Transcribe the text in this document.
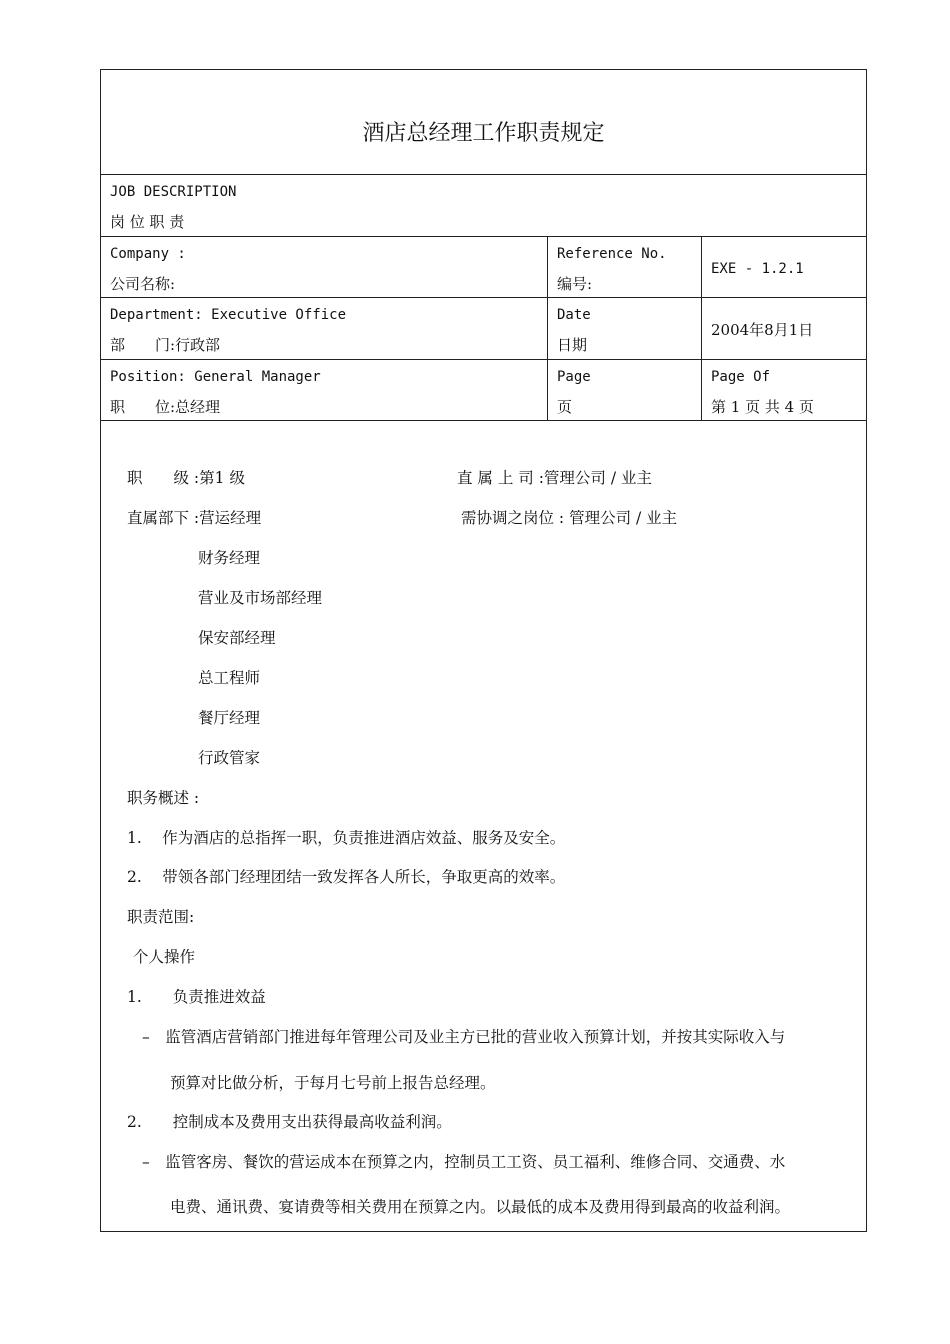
酒店总经理工作职责规定
JOB DESCRIPTION
岗 位 职 责
Company :
公司名称:
Reference No.
编号:
EXE - 1.2.1
Department: Executive Office
部　　门:行政部
Date
日期
2004年8月1日
Position: General Manager
职　　位:总经理
Page
页
Page Of
第 1 页 共 4 页
职　　级 :第1 级	直 属 上 司 :管理公司 / 业主
直属部下 :营运经理	需协调之岗位 : 管理公司 / 业主
财务经理
营业及市场部经理
保安部经理
总工程师
餐厅经理
行政管家
职务概述 :
1.　 作为酒店的总指挥一职，负责推进酒店效益、服务及安全。
2.　 带领各部门经理团结一致发挥各人所长，争取更高的效率。
职责范围:
个人操作
1.　　负责推进效益
–　监管酒店营销部门推进每年管理公司及业主方已批的营业收入预算计划，并按其实际收入与
预算对比做分析，于每月七号前上报告总经理。
2.　　控制成本及费用支出获得最高收益利润。
–　监管客房、餐饮的营运成本在预算之内，控制员工工资、员工福利、维修合同、交通费、水
电费、通讯费、宴请费等相关费用在预算之内。以最低的成本及费用得到最高的收益利润。
